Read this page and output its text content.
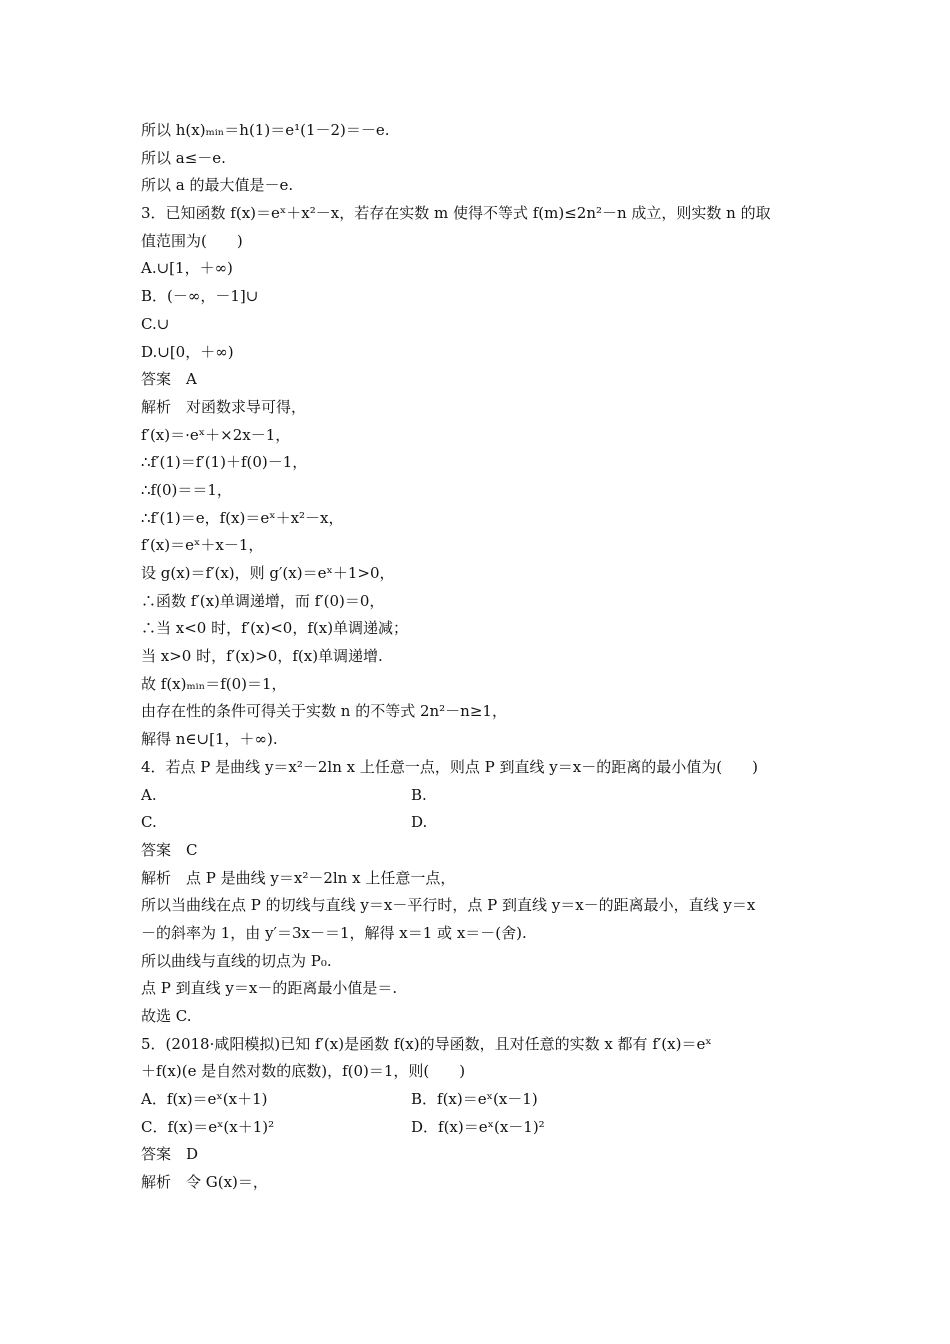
所以 h(x)ₘᵢₙ＝h(1)＝e¹(1－2)＝－e.
所以 a≤－e.
所以 a 的最大值是－e.
3．已知函数 f(x)＝eˣ＋x²－x，若存在实数 m 使得不等式 f(m)≤2n²－n 成立，则实数 n 的取
值范围为(　　)
A.∪[1，＋∞)
B．(－∞，－1]∪
C.∪
D.∪[0，＋∞)
答案　A
解析　对函数求导可得，
f′(x)＝·eˣ＋×2x－1，
∴f′(1)＝f′(1)＋f(0)－1，
∴f(0)＝＝1，
∴f′(1)＝e，f(x)＝eˣ＋x²－x，
f′(x)＝eˣ＋x－1，
设 g(x)＝f′(x)，则 g′(x)＝eˣ＋1>0，
∴函数 f′(x)单调递增，而 f′(0)＝0，
∴当 x<0 时，f′(x)<0，f(x)单调递减；
当 x>0 时，f′(x)>0，f(x)单调递增.
故 f(x)ₘᵢₙ＝f(0)＝1，
由存在性的条件可得关于实数 n 的不等式 2n²－n≥1，
解得 n∈∪[1，＋∞).
4．若点 P 是曲线 y＝x²－2ln x 上任意一点，则点 P 到直线 y＝x－的距离的最小值为(　　)
A.	B.
C.	D.
答案　C
解析　点 P 是曲线 y＝x²－2ln x 上任意一点，
所以当曲线在点 P 的切线与直线 y＝x－平行时，点 P 到直线 y＝x－的距离最小，直线 y＝x
－的斜率为 1，由 y′＝3x－＝1，解得 x＝1 或 x＝－(舍).
所以曲线与直线的切点为 P₀.
点 P 到直线 y＝x－的距离最小值是＝.
故选 C.
5．(2018·咸阳模拟)已知 f′(x)是函数 f(x)的导函数，且对任意的实数 x 都有 f′(x)＝eˣ
＋f(x)(e 是自然对数的底数)，f(0)＝1，则(　　)
A．f(x)＝eˣ(x＋1)	B．f(x)＝eˣ(x－1)
C．f(x)＝eˣ(x＋1)²	D．f(x)＝eˣ(x－1)²
答案　D
解析　令 G(x)＝，
